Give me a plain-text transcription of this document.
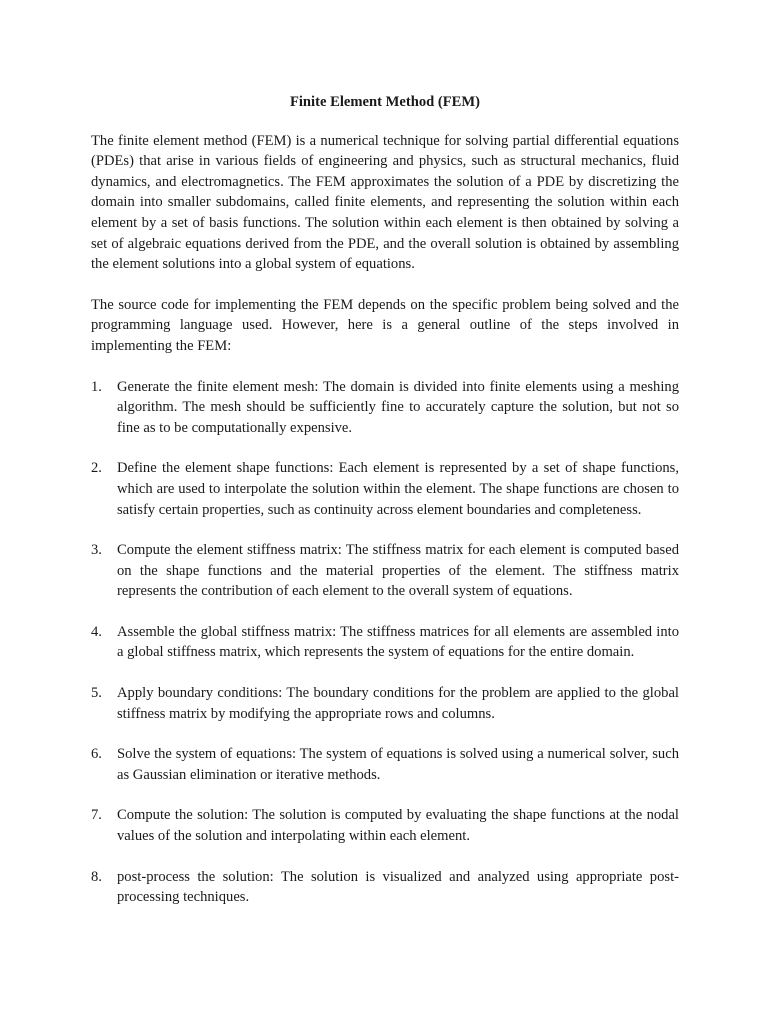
Finite Element Method (FEM)

The finite element method (FEM) is a numerical technique for solving partial differential equations (PDEs) that arise in various fields of engineering and physics, such as structural mechanics, fluid dynamics, and electromagnetics. The FEM approximates the solution of a PDE by discretizing the domain into smaller subdomains, called finite elements, and representing the solution within each element by a set of basis functions. The solution within each element is then obtained by solving a set of algebraic equations derived from the PDE, and the overall solution is obtained by assembling the element solutions into a global system of equations.

The source code for implementing the FEM depends on the specific problem being solved and the programming language used. However, here is a general outline of the steps involved in implementing the FEM:

1.	Generate the finite element mesh: The domain is divided into finite elements using a meshing algorithm. The mesh should be sufficiently fine to accurately capture the solution, but not so fine as to be computationally expensive.
2.	Define the element shape functions: Each element is represented by a set of shape functions, which are used to interpolate the solution within the element. The shape functions are chosen to satisfy certain properties, such as continuity across element boundaries and completeness.
3.	Compute the element stiffness matrix: The stiffness matrix for each element is computed based on the shape functions and the material properties of the element. The stiffness matrix represents the contribution of each element to the overall system of equations.
4.	Assemble the global stiffness matrix: The stiffness matrices for all elements are assembled into a global stiffness matrix, which represents the system of equations for the entire domain.
5.	Apply boundary conditions: The boundary conditions for the problem are applied to the global stiffness matrix by modifying the appropriate rows and columns.
6.	Solve the system of equations: The system of equations is solved using a numerical solver, such as Gaussian elimination or iterative methods.
7.	Compute the solution: The solution is computed by evaluating the shape functions at the nodal values of the solution and interpolating within each element.
8.	post-process the solution: The solution is visualized and analyzed using appropriate post-processing techniques.
